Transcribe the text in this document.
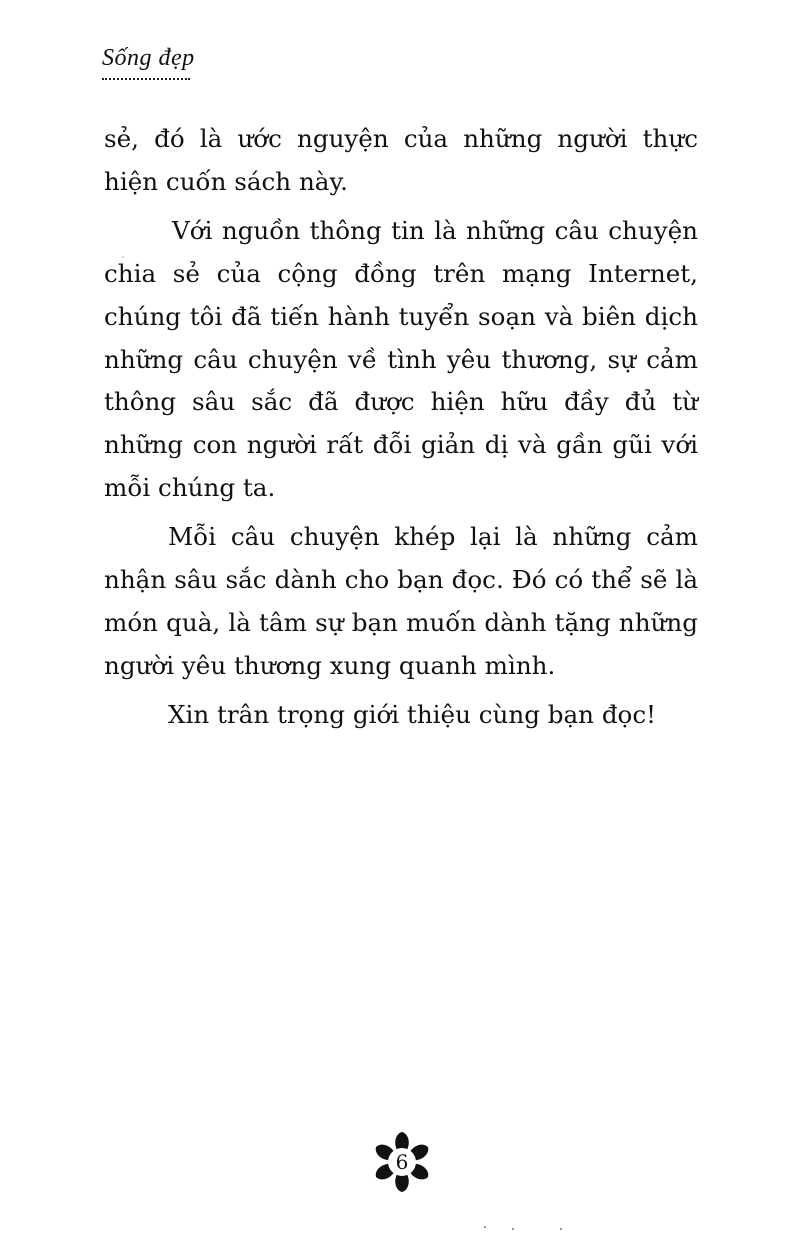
Sống đẹp

sẻ, đó là ước nguyện của những người thực hiện cuốn sách này.

Với nguồn thông tin là những câu chuyện chia sẻ của cộng đồng trên mạng Internet, chúng tôi đã tiến hành tuyển soạn và biên dịch những câu chuyện về tình yêu thương, sự cảm thông sâu sắc đã được hiện hữu đầy đủ từ những con người rất đỗi giản dị và gần gũi với mỗi chúng ta.

Mỗi câu chuyện khép lại là những cảm nhận sâu sắc dành cho bạn đọc. Đó có thể sẽ là món quà, là tâm sự bạn muốn dành tặng những người yêu thương xung quanh mình.

Xin trân trọng giới thiệu cùng bạn đọc!

6
